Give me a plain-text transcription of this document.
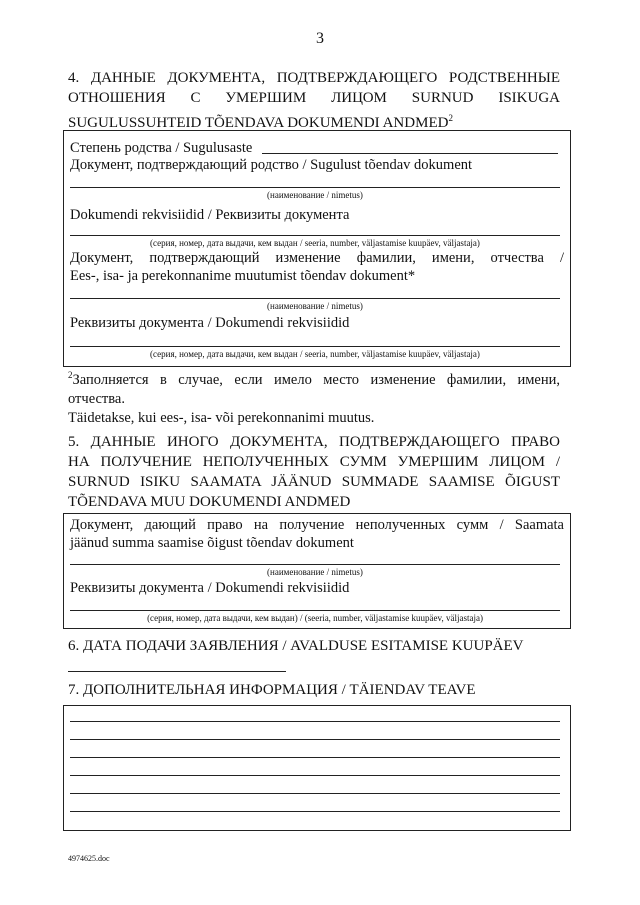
3
4. ДАННЫЕ ДОКУМЕНТА, ПОДТВЕРЖДАЮЩЕГО РОДСТВЕННЫЕ
ОТНОШЕНИЯ С УМЕРШИМ ЛИЦОМ SURNUD ISIKUGA
SUGULUSSUHTEID TÕENDAVA DOKUMENDI ANDMED$^2$
Степень родства / Sugulusaste
Документ, подтверждающий родство / Sugulust tõendav dokument
(наименование / nimetus)
Dokumendi rekvisiidid / Реквизиты документа
(серия, номер, дата выдачи, кем выдан / seeria, number, väljastamise kuupäev, väljastaja)
Документ, подтверждающий изменение фамилии, имени, отчества /
Ees-, isa- ja perekonnanime muutumist tõendav dokument*
(наименование / nimetus)
Реквизиты документа / Dokumendi rekvisiidid
(серия, номер, дата выдачи, кем выдан / seeria, number, väljastamise kuupäev, väljastaja)
$^2$Заполняется в случае, если имело место изменение фамилии, имени,
отчества.
Täidetakse, kui ees-, isa- või perekonnanimi muutus.
5. ДАННЫЕ ИНОГО ДОКУМЕНТА, ПОДТВЕРЖДАЮЩЕГО ПРАВО
НА ПОЛУЧЕНИЕ НЕПОЛУЧЕННЫХ СУММ УМЕРШИМ ЛИЦОМ /
SURNUD ISIKU SAAMATA JÄÄNUD SUMMADE SAAMISE ÕIGUST
TÕENDAVA MUU DOKUMENDI ANDMED
Документ, дающий право на получение неполученных сумм / Saamata
jäänud summa saamise õigust tõendav dokument
(наименование / nimetus)
Реквизиты документа / Dokumendi rekvisiidid
(серия, номер, дата выдачи, кем выдан) / (seeria, number, väljastamise kuupäev, väljastaja)
6. ДАТА ПОДАЧИ ЗАЯВЛЕНИЯ / AVALDUSE ESITAMISE KUUPÄEV
7. ДОПОЛНИТЕЛЬНАЯ ИНФОРМАЦИЯ / TÄIENDAV TEAVE
4974625.doc
